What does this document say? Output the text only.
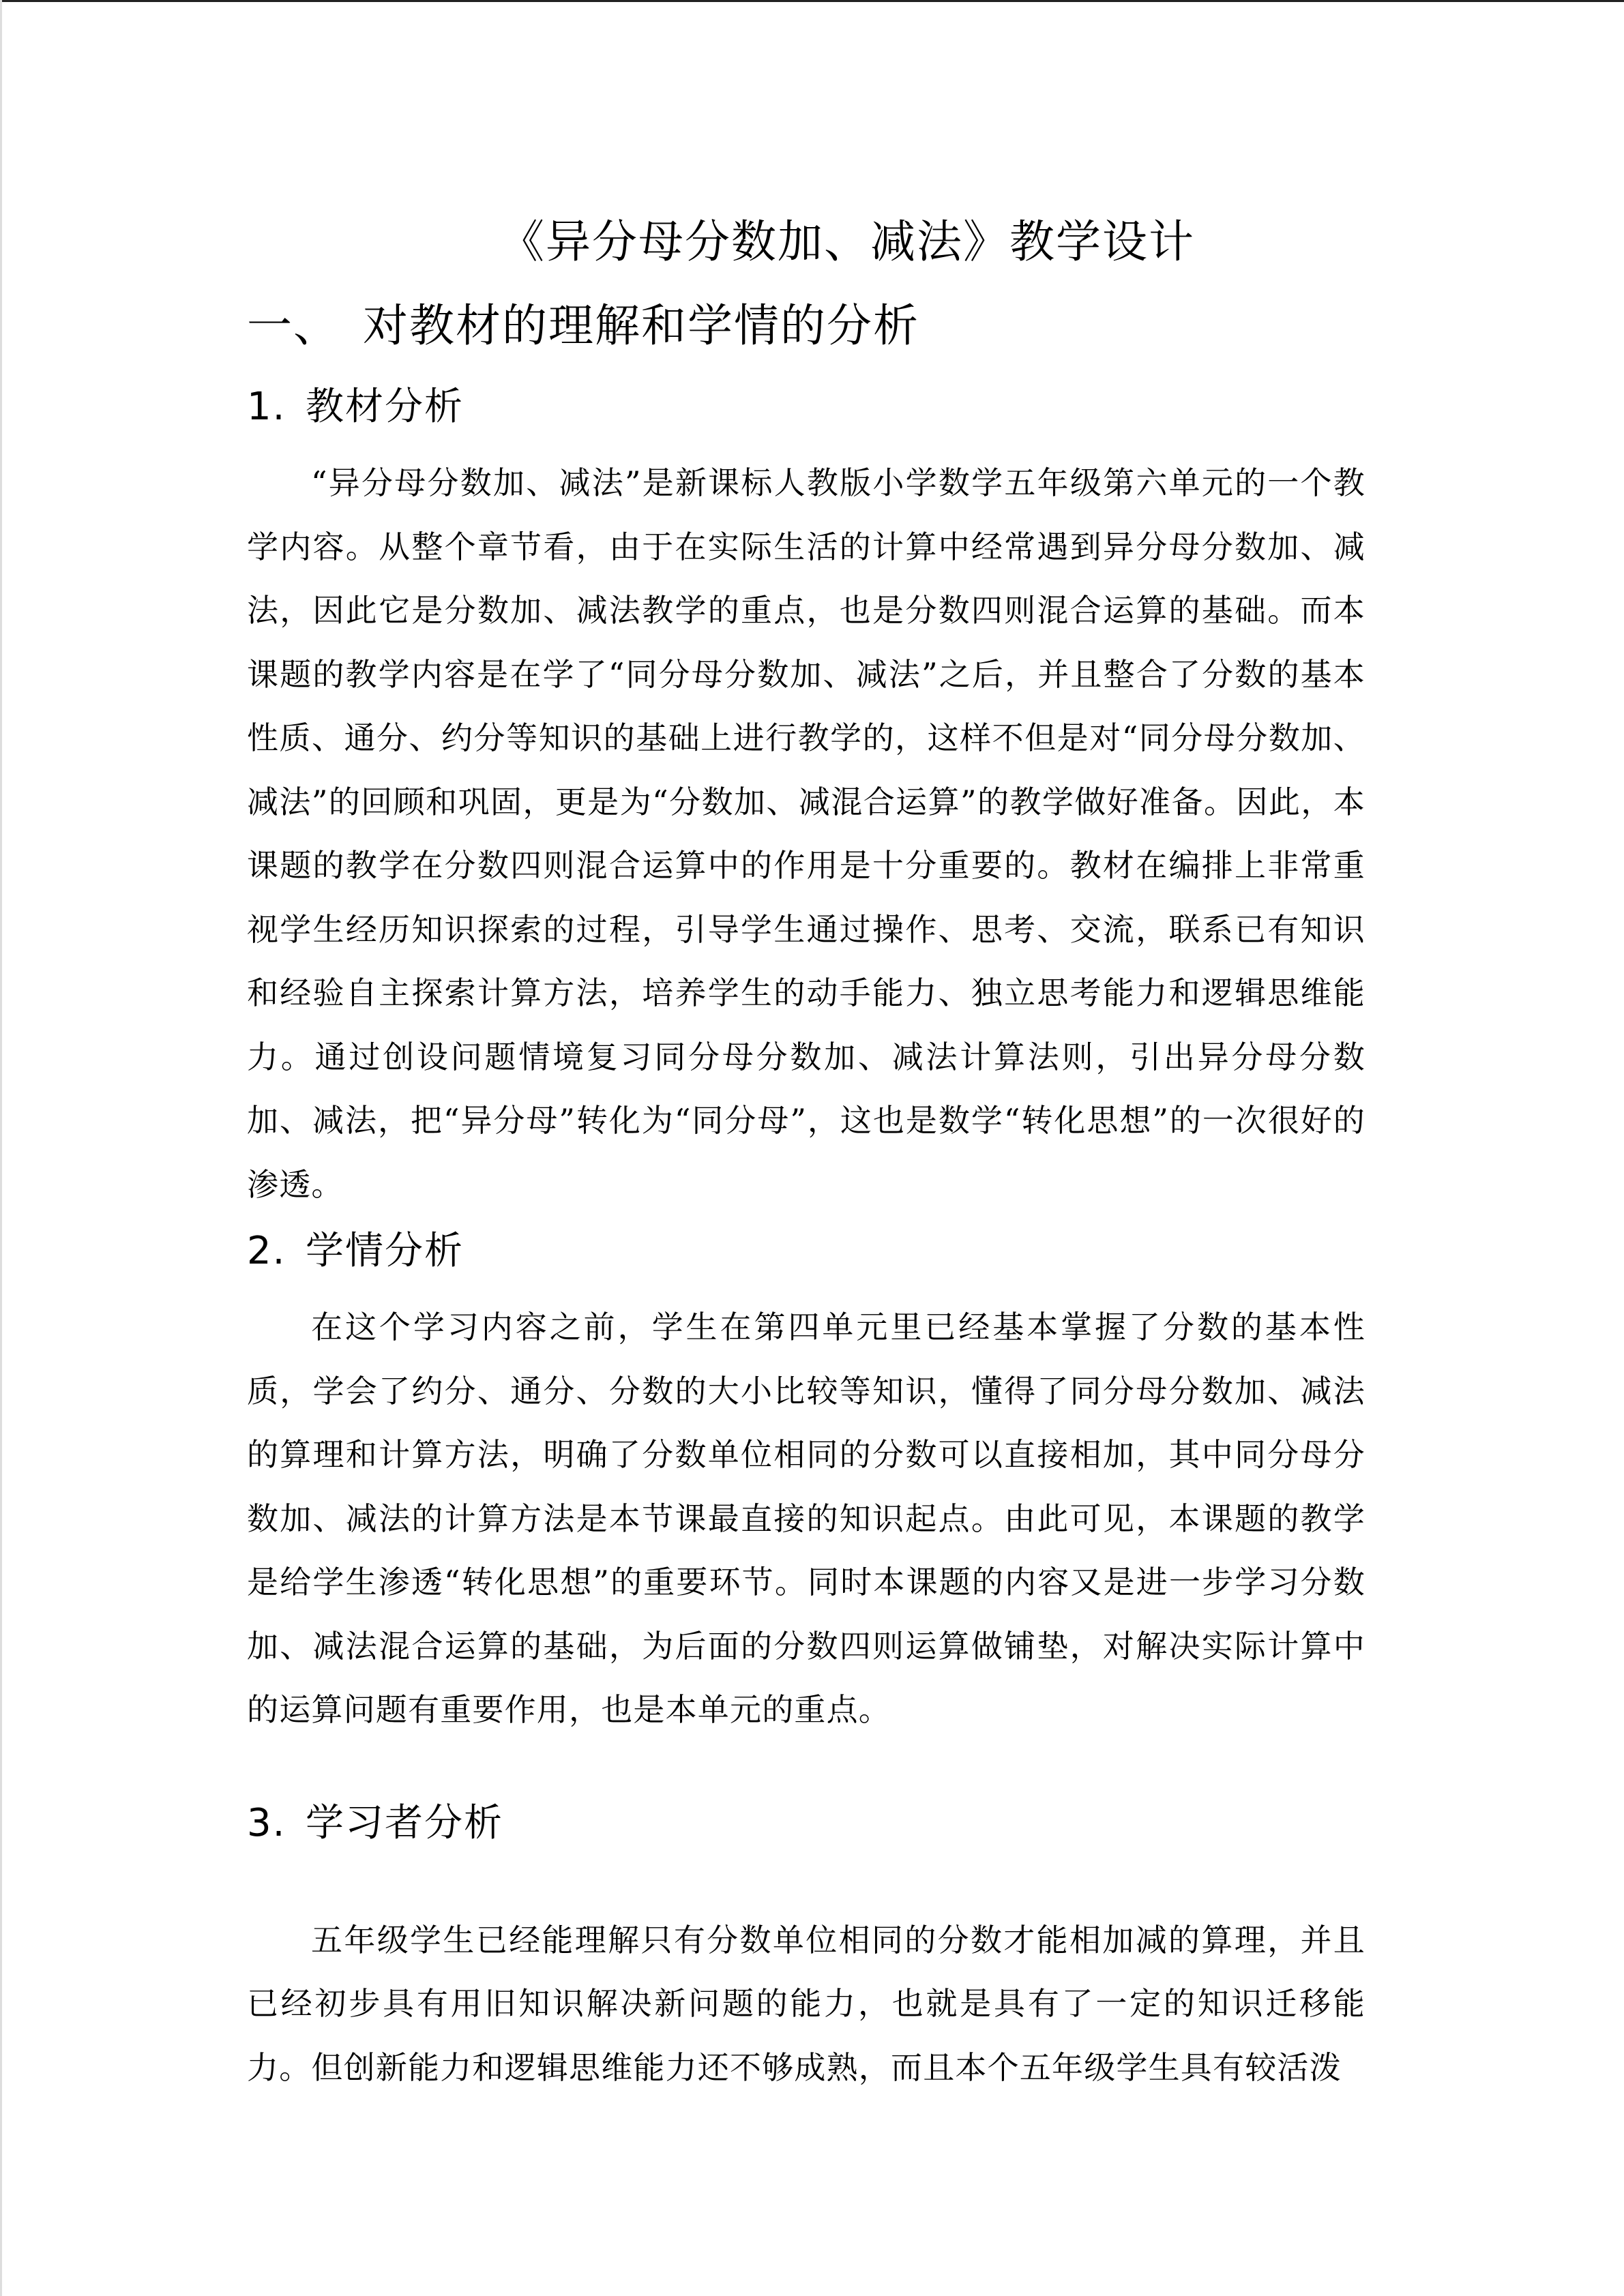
《异分母分数加、减法》教学设计
一、 对教材的理解和学情的分析
1. 教材分析

“异分母分数加、减法”是新课标人教版小学数学五年级第六单元的一个教学内容。从整个章节看，由于在实际生活的计算中经常遇到异分母分数加、减法，因此它是分数加、减法教学的重点，也是分数四则混合运算的基础。而本课题的教学内容是在学了“同分母分数加、减法”之后，并且整合了分数的基本性质、通分、约分等知识的基础上进行教学的，这样不但是对“同分母分数加、减法”的回顾和巩固，更是为“分数加、减混合运算”的教学做好准备。因此，本课题的教学在分数四则混合运算中的作用是十分重要的。教材在编排上非常重视学生经历知识探索的过程，引导学生通过操作、思考、交流，联系已有知识和经验自主探索计算方法，培养学生的动手能力、独立思考能力和逻辑思维能力。通过创设问题情境复习同分母分数加、减法计算法则，引出异分母分数加、减法，把“异分母”转化为“同分母”，这也是数学“转化思想”的一次很好的渗透。

2. 学情分析

在这个学习内容之前，学生在第四单元里已经基本掌握了分数的基本性质，学会了约分、通分、分数的大小比较等知识，懂得了同分母分数加、减法的算理和计算方法，明确了分数单位相同的分数可以直接相加，其中同分母分数加、减法的计算方法是本节课最直接的知识起点。由此可见，本课题的教学是给学生渗透“转化思想”的重要环节。同时本课题的内容又是进一步学习分数加、减法混合运算的基础，为后面的分数四则运算做铺垫，对解决实际计算中的运算问题有重要作用，也是本单元的重点。

3. 学习者分析

五年级学生已经能理解只有分数单位相同的分数才能相加减的算理，并且已经初步具有用旧知识解决新问题的能力，也就是具有了一定的知识迁移能力。但创新能力和逻辑思维能力还不够成熟，而且本个五年级学生具有较活泼
